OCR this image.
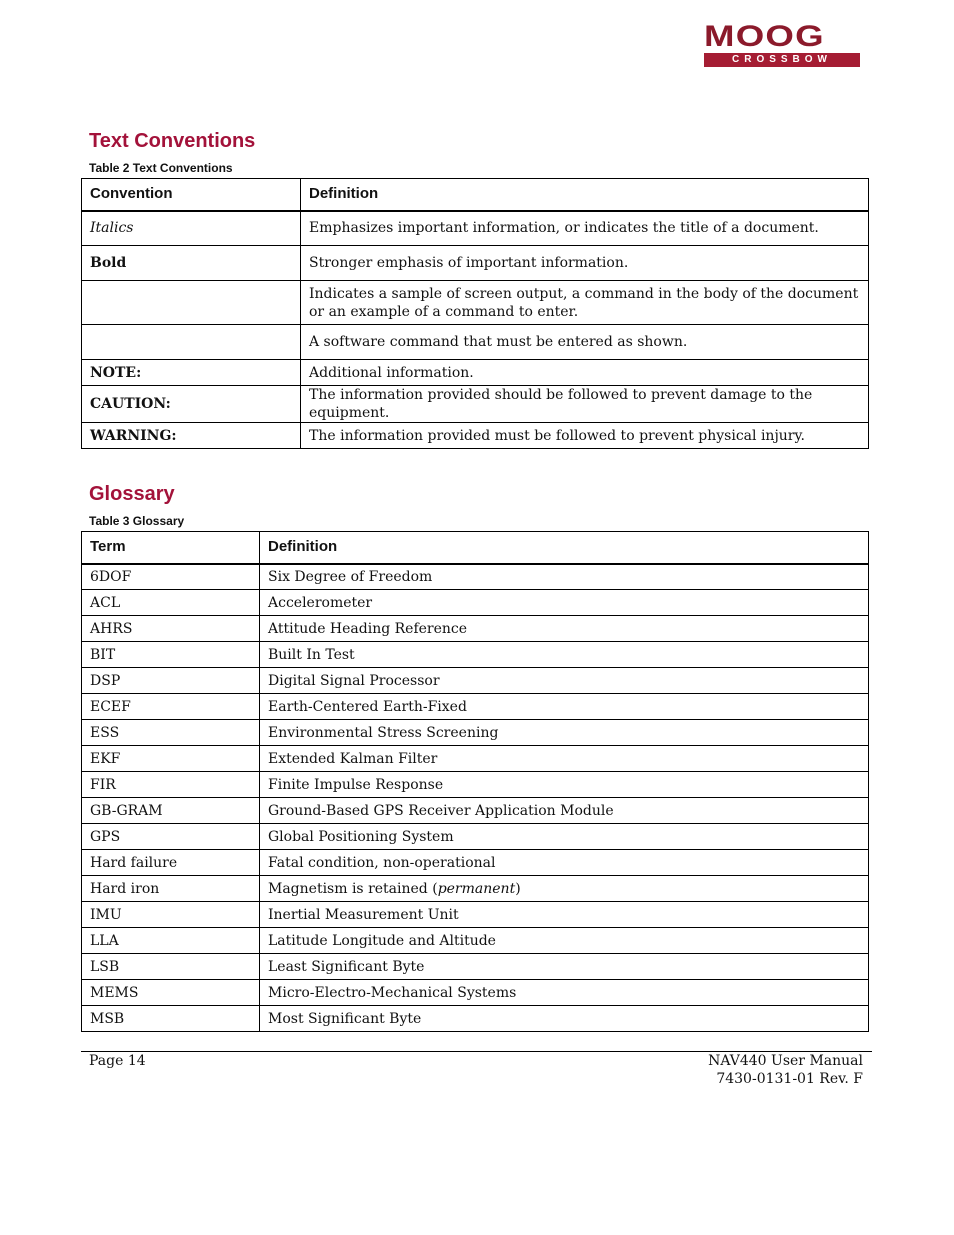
MOOG
CROSSBOW
Text Conventions

Table 2 Text Conventions

Convention	Definition
Italics	Emphasizes important information, or indicates the title of a document.
Bold	Stronger emphasis of important information.
	Indicates a sample of screen output, a command in the body of the document or an example of a command to enter.
	A software command that must be entered as shown.
NOTE:	Additional information.
CAUTION:	The information provided should be followed to prevent damage to the equipment.
WARNING:	The information provided must be followed to prevent physical injury.
Glossary

Table 3 Glossary

Term	Definition
6DOF	Six Degree of Freedom
ACL	Accelerometer
AHRS	Attitude Heading Reference
BIT	Built In Test
DSP	Digital Signal Processor
ECEF	Earth-Centered Earth-Fixed
ESS	Environmental Stress Screening
EKF	Extended Kalman Filter
FIR	Finite Impulse Response
GB-GRAM	Ground-Based GPS Receiver Application Module
GPS	Global Positioning System
Hard failure	Fatal condition, non-operational
Hard iron	Magnetism is retained (permanent)
IMU	Inertial Measurement Unit
LLA	Latitude Longitude and Altitude
LSB	Least Significant Byte
MEMS	Micro-Electro-Mechanical Systems
MSB	Most Significant Byte

Page 14	NAV440 User Manual

7430-0131-01 Rev. F
